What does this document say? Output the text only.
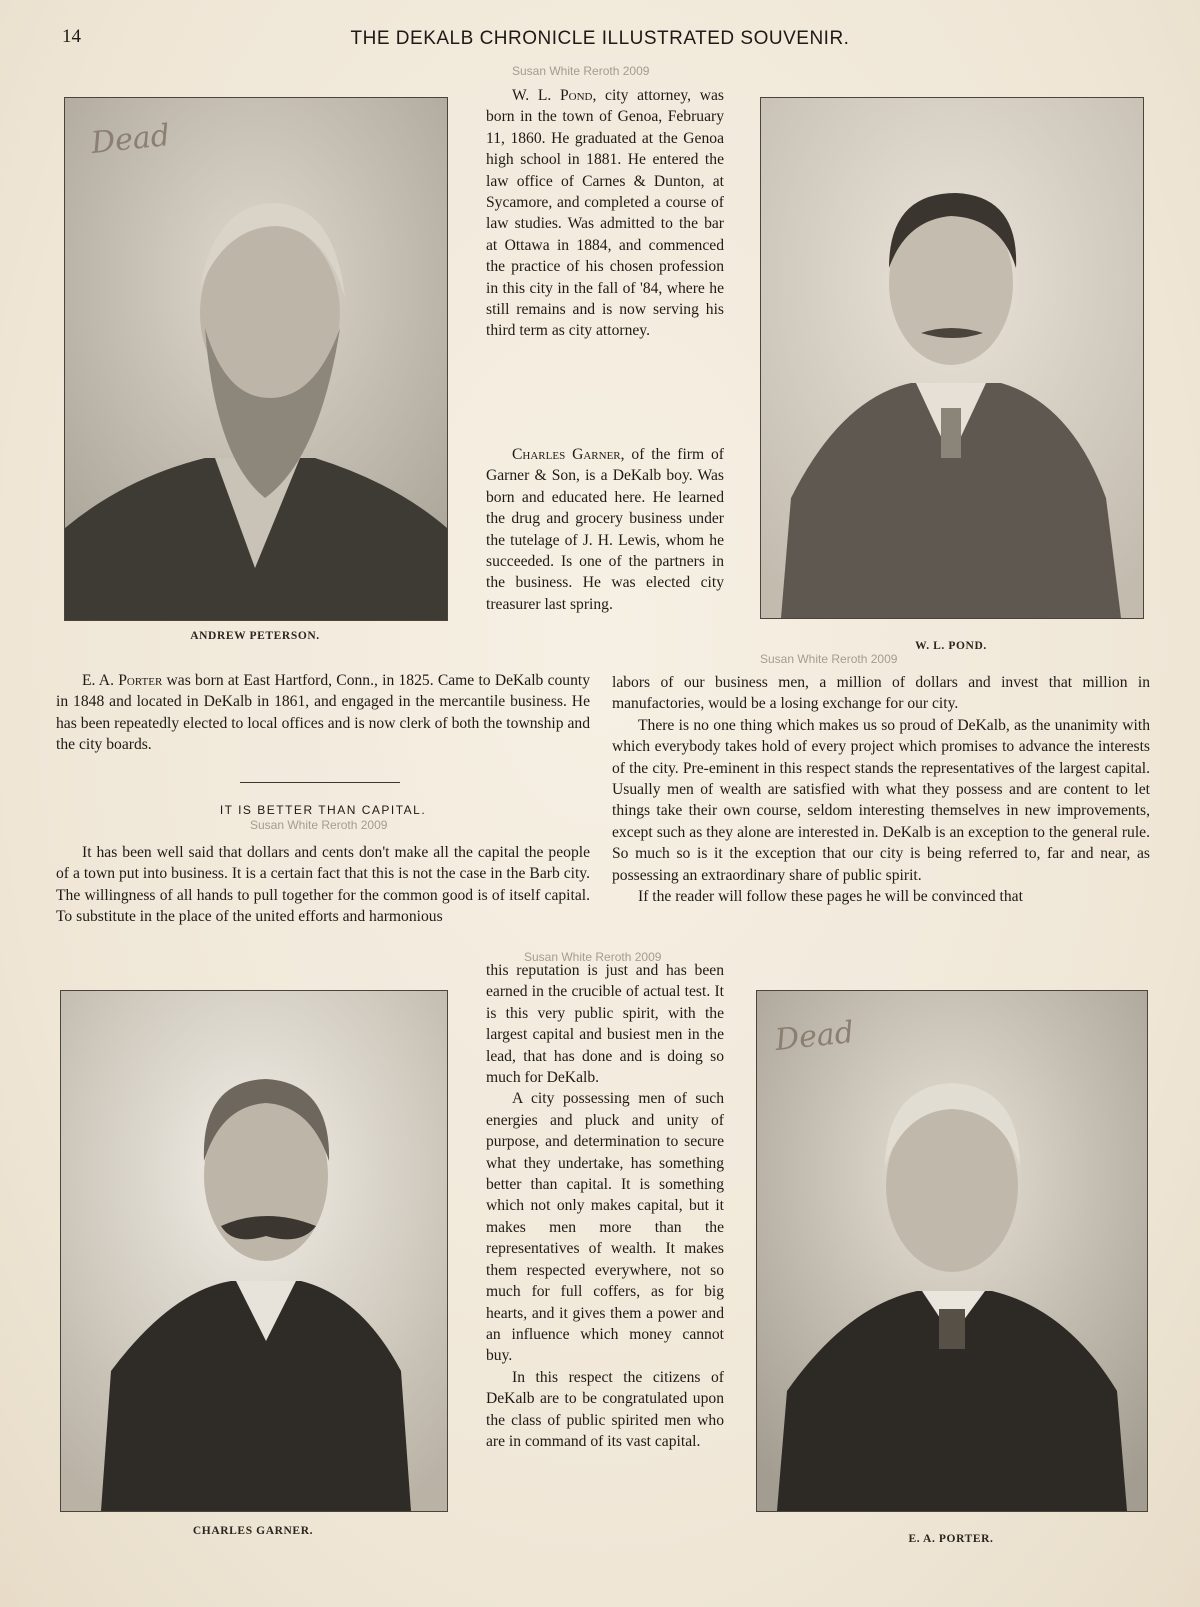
14	THE DEKALB CHRONICLE ILLUSTRATED SOUVENIR.
Susan White Reroth 2009
Susan White Reroth 2009
Susan White Reroth 2009
Susan White Reroth 2009
Dead
ANDREW PETERSON.
W. L. POND.

W. L. Pond, city attorney, was born in the town of Genoa, February 11, 1860. He graduated at the Genoa high school in 1881. He entered the law office of Carnes & Dunton, at Sycamore, and completed a course of law studies. Was admitted to the bar at Ottawa in 1884, and commenced the practice of his chosen profession in this city in the fall of '84, where he still remains and is now serving his third term as city attorney.

Charles Garner, of the firm of Garner & Son, is a DeKalb boy. Was born and educated here. He learned the drug and grocery business under the tutelage of J. H. Lewis, whom he succeeded. Is one of the partners in the business. He was elected city treasurer last spring.

E. A. Porter was born at East Hartford, Conn., in 1825. Came to DeKalb county in 1848 and located in DeKalb in 1861, and engaged in the mercantile business. He has been repeatedly elected to local offices and is now clerk of both the township and the city boards.

IT IS BETTER THAN CAPITAL.

It has been well said that dollars and cents don't make all the capital the people of a town put into business. It is a certain fact that this is not the case in the Barb city. The willingness of all hands to pull together for the common good is of itself capital. To substitute in the place of the united efforts and harmonious

labors of our business men, a million of dollars and invest that million in manufactories, would be a losing exchange for our city.

There is no one thing which makes us so proud of DeKalb, as the unanimity with which everybody takes hold of every project which promises to advance the interests of the city. Pre-eminent in this respect stands the representatives of the largest capital. Usually men of wealth are satisfied with what they possess and are content to let things take their own course, seldom interesting themselves in new improvements, except such as they alone are interested in. DeKalb is an exception to the general rule. So much so is it the exception that our city is being referred to, far and near, as possessing an extraordinary share of public spirit.

If the reader will follow these pages he will be convinced that

CHARLES GARNER.

this reputation is just and has been earned in the crucible of actual test. It is this very public spirit, with the largest capital and busiest men in the lead, that has done and is doing so much for DeKalb.

A city possessing men of such energies and pluck and unity of purpose, and determination to secure what they undertake, has something better than capital. It is something which not only makes capital, but it makes men more than the representatives of wealth. It makes them respected everywhere, not so much for full coffers, as for big hearts, and it gives them a power and an influence which money cannot buy.

In this respect the citizens of DeKalb are to be congratulated upon the class of public spirited men who are in command of its vast capital.

Dead
E. A. PORTER.
